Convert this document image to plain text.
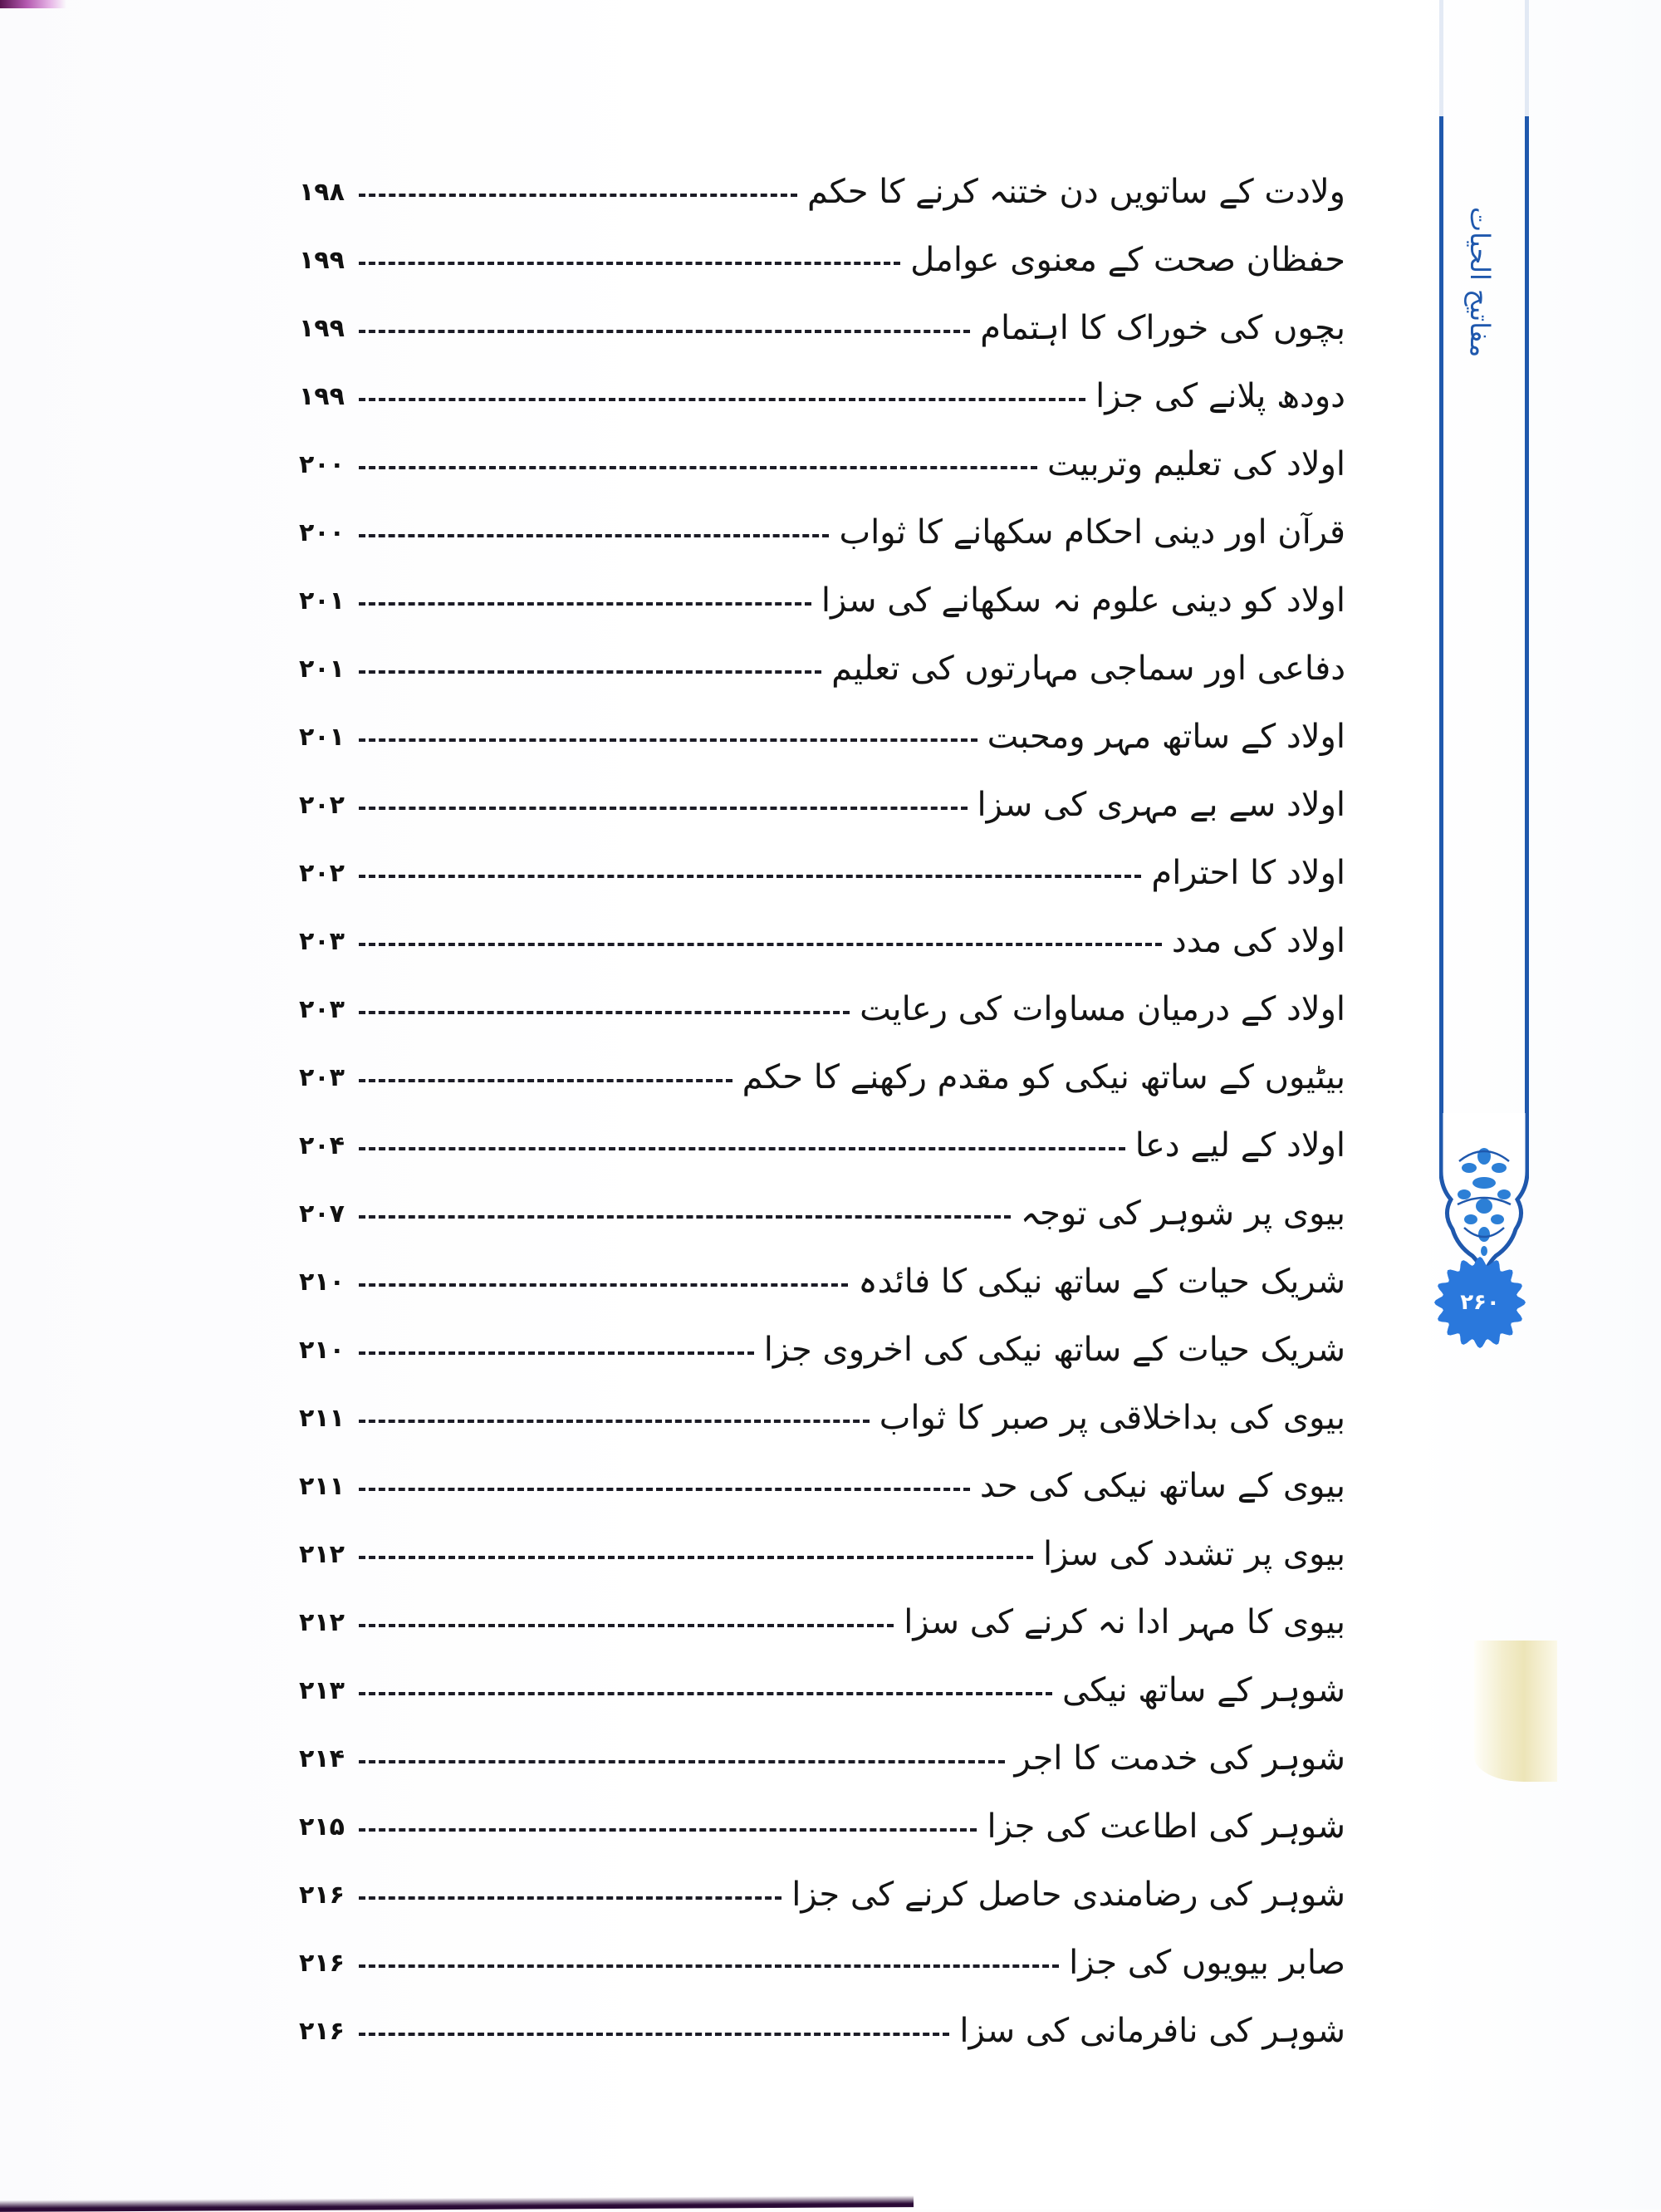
ولادت کے ساتویں دن ختنہ کرنے کا حکم
۱۹۸
حفظان صحت کے معنوی عوامل
۱۹۹
بچوں کی خوراک کا اہتمام
۱۹۹
دودھ پلانے کی جزا
۱۹۹
اولاد کی تعلیم وتربیت
۲۰۰
قرآن اور دینی احکام سکھانے کا ثواب
۲۰۰
اولاد کو دینی علوم نہ سکھانے کی سزا
۲۰۱
دفاعی اور سماجی مہارتوں کی تعلیم
۲۰۱
اولاد کے ساتھ مہر ومحبت
۲۰۱
اولاد سے بے مہری کی سزا
۲۰۲
اولاد کا احترام
۲۰۲
اولاد کی مدد
۲۰۳
اولاد کے درمیان مساوات کی رعایت
۲۰۳
بیٹیوں کے ساتھ نیکی کو مقدم رکھنے کا حکم
۲۰۳
اولاد کے لیے دعا
۲۰۴
بیوی پر شوہر کی توجہ
۲۰۷
شریک حیات کے ساتھ نیکی کا فائدہ
۲۱۰
شریک حیات کے ساتھ نیکی کی اخروی جزا
۲۱۰
بیوی کی بداخلاقی پر صبر کا ثواب
۲۱۱
بیوی کے ساتھ نیکی کی حد
۲۱۱
بیوی پر تشدد کی سزا
۲۱۲
بیوی کا مہر ادا نہ کرنے کی سزا
۲۱۲
شوہر کے ساتھ نیکی
۲۱۳
شوہر کی خدمت کا اجر
۲۱۴
شوہر کی اطاعت کی جزا
۲۱۵
شوہر کی رضامندی حاصل کرنے کی جزا
۲۱۶
صابر بیویوں کی جزا
۲۱۶
شوہر کی نافرمانی کی سزا
۲۱۶
مفاتیح الحیات
۲۶۰
